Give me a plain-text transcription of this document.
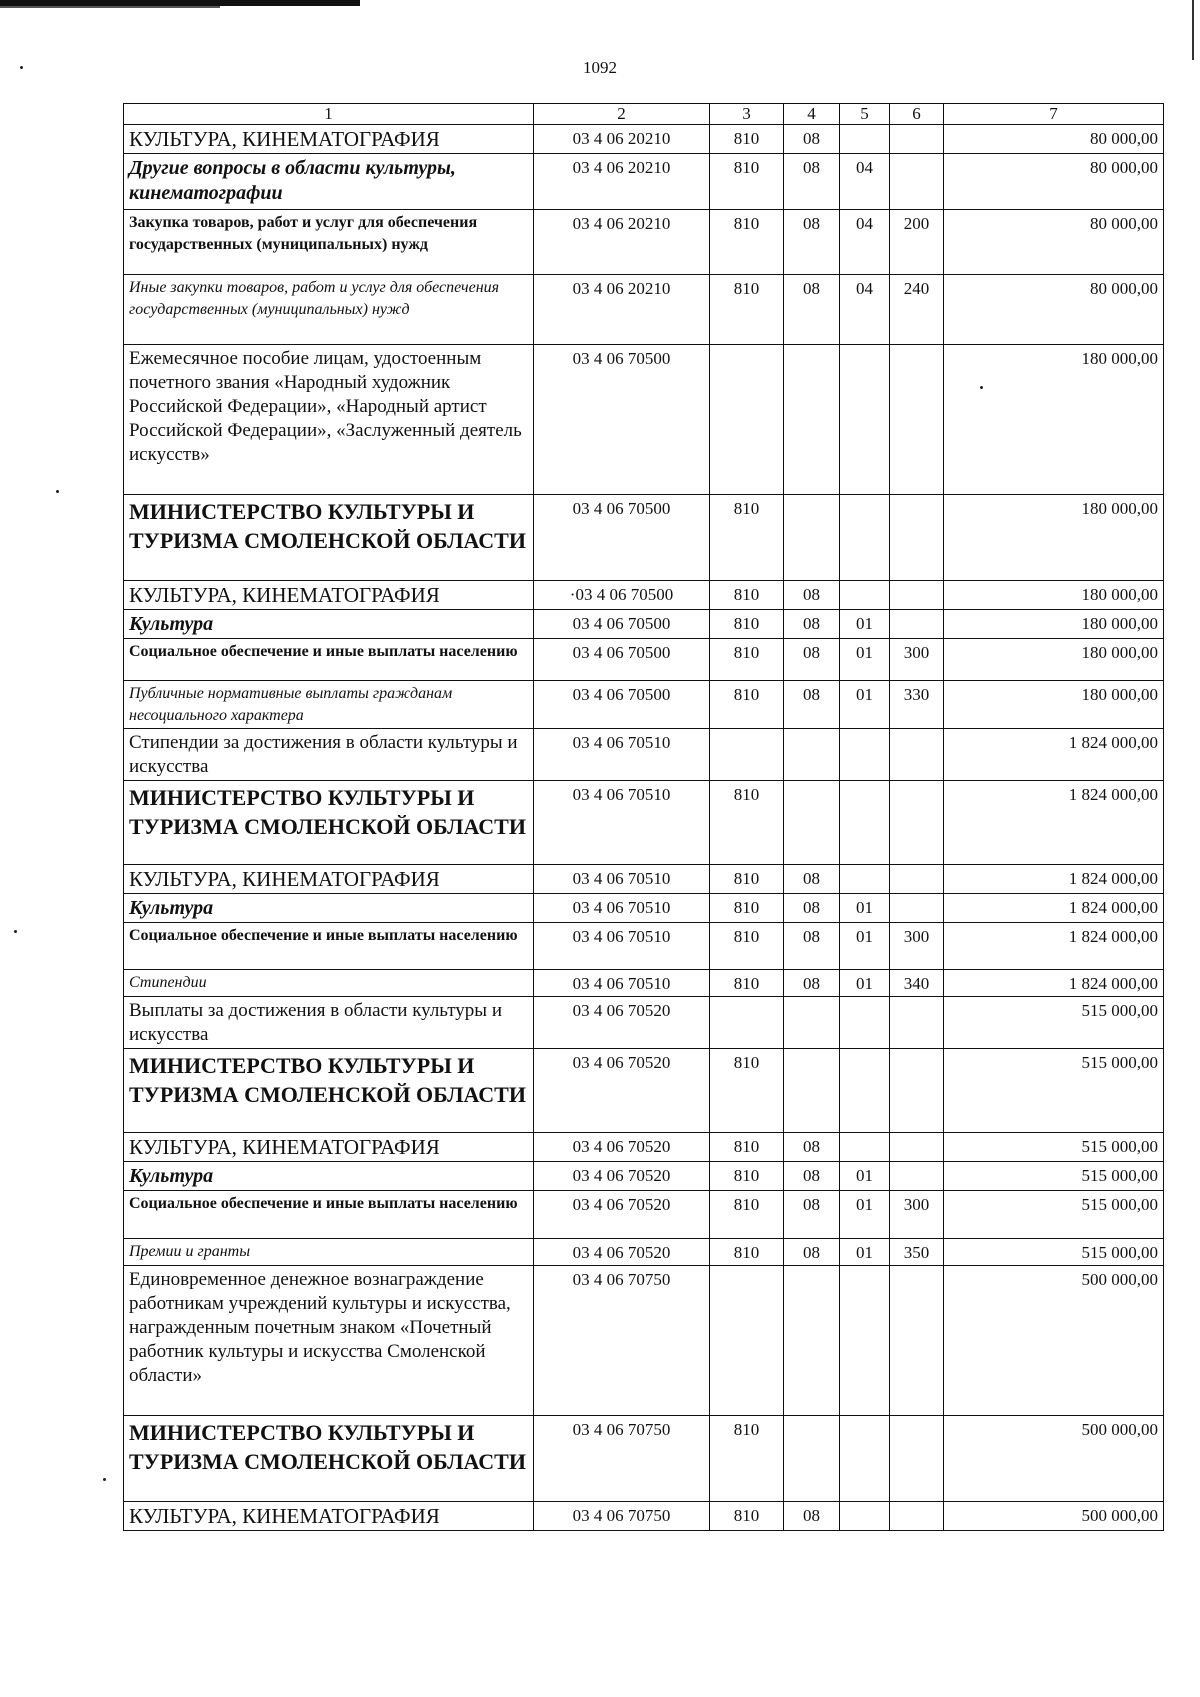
1092
1	2	3	4	5	6	7
КУЛЬТУРА, КИНЕМАТОГРАФИЯ	03 4 06 20210	810	08			80 000,00
Другие вопросы в области культуры, кинематографии	03 4 06 20210	810	08	04		80 000,00
Закупка товаров, работ и услуг для обеспечения государственных (муниципальных) нужд	03 4 06 20210	810	08	04	200	80 000,00
Иные закупки товаров, работ и услуг для обеспечения государственных (муниципальных) нужд	03 4 06 20210	810	08	04	240	80 000,00
Ежемесячное пособие лицам, удостоенным почетного звания «Народный художник Российской Федерации», «Народный артист Российской Федерации», «Заслуженный деятель искусств»	03 4 06 70500					180 000,00
МИНИСТЕРСТВО КУЛЬТУРЫ И ТУРИЗМА СМОЛЕНСКОЙ ОБЛАСТИ	03 4 06 70500	810				180 000,00
КУЛЬТУРА, КИНЕМАТОГРАФИЯ	·03 4 06 70500	810	08			180 000,00
Культура	03 4 06 70500	810	08	01		180 000,00
Социальное обеспечение и иные выплаты населению	03 4 06 70500	810	08	01	300	180 000,00
Публичные нормативные выплаты гражданам несоциального характера	03 4 06 70500	810	08	01	330	180 000,00
Стипендии за достижения в области культуры и искусства	03 4 06 70510					1 824 000,00
МИНИСТЕРСТВО КУЛЬТУРЫ И ТУРИЗМА СМОЛЕНСКОЙ ОБЛАСТИ	03 4 06 70510	810				1 824 000,00
КУЛЬТУРА, КИНЕМАТОГРАФИЯ	03 4 06 70510	810	08			1 824 000,00
Культура	03 4 06 70510	810	08	01		1 824 000,00
Социальное обеспечение и иные выплаты населению	03 4 06 70510	810	08	01	300	1 824 000,00
Стипендии	03 4 06 70510	810	08	01	340	1 824 000,00
Выплаты за достижения в области культуры и искусства	03 4 06 70520					515 000,00
МИНИСТЕРСТВО КУЛЬТУРЫ И ТУРИЗМА СМОЛЕНСКОЙ ОБЛАСТИ	03 4 06 70520	810				515 000,00
КУЛЬТУРА, КИНЕМАТОГРАФИЯ	03 4 06 70520	810	08			515 000,00
Культура	03 4 06 70520	810	08	01		515 000,00
Социальное обеспечение и иные выплаты населению	03 4 06 70520	810	08	01	300	515 000,00
Премии и гранты	03 4 06 70520	810	08	01	350	515 000,00
Единовременное денежное вознаграждение работникам учреждений культуры и искусства, награжденным почетным знаком «Почетный работник культуры и искусства Смоленской области»	03 4 06 70750					500 000,00
МИНИСТЕРСТВО КУЛЬТУРЫ И ТУРИЗМА СМОЛЕНСКОЙ ОБЛАСТИ	03 4 06 70750	810				500 000,00
КУЛЬТУРА, КИНЕМАТОГРАФИЯ	03 4 06 70750	810	08			500 000,00
